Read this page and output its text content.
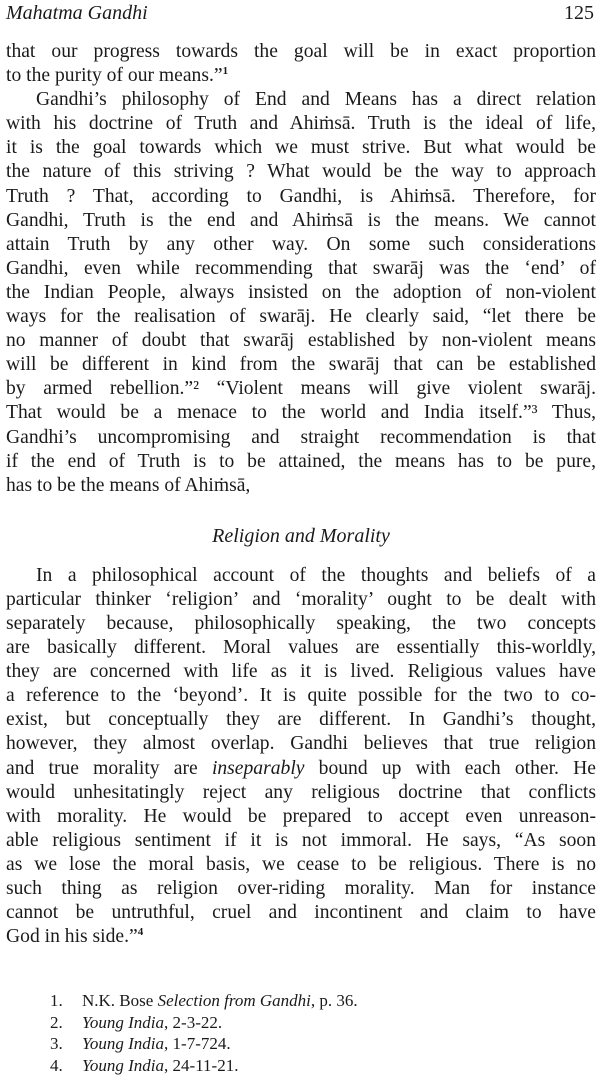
Mahatma Gandhi	125

that our progress towards the goal will be in exact proportion
to the purity of our means.”$^1$

Gandhi’s philosophy of End and Means has a direct relation
with his doctrine of Truth and Ahiṁsā. Truth is the ideal of life,
it is the goal towards which we must strive. But what would be
the nature of this striving ? What would be the way to approach
Truth ? That, according to Gandhi, is Ahiṁsā. Therefore, for
Gandhi, Truth is the end and Ahiṁsā is the means. We cannot
attain Truth by any other way. On some such considerations
Gandhi, even while recommending that swarāj was the ‘end’ of
the Indian People, always insisted on the adoption of non-violent
ways for the realisation of swarāj. He clearly said, “let there be
no manner of doubt that swarāj established by non-violent means
will be different in kind from the swarāj that can be established
by armed rebellion.”² “Violent means will give violent swarāj.
That would be a menace to the world and India itself.”³ Thus,
Gandhi’s uncompromising and straight recommendation is that
if the end of Truth is to be attained, the means has to be pure,
has to be the means of Ahiṁsā,

Religion and Morality

In a philosophical account of the thoughts and beliefs of a
particular thinker ‘religion’ and ‘morality’ ought to be dealt with
separately because, philosophically speaking, the two concepts
are basically different. Moral values are essentially this-worldly,
they are concerned with life as it is lived. Religious values have
a reference to the ‘beyond’. It is quite possible for the two to co-
exist, but conceptually they are different. In Gandhi’s thought,
however, they almost overlap. Gandhi believes that true religion
and true morality are inseparably bound up with each other. He
would unhesitatingly reject any religious doctrine that conflicts
with morality. He would be prepared to accept even unreason-
able religious sentiment if it is not immoral. He says, “As soon
as we lose the moral basis, we cease to be religious. There is no
such thing as religion over-riding morality. Man for instance
cannot be untruthful, cruel and incontinent and claim to have
God in his side.”$^4$

1.	N.K. Bose Selection from Gandhi, p. 36.
2.	Young India, 2-3-22.
3.	Young India, 1-7-724.
4.	Young India, 24-11-21.
